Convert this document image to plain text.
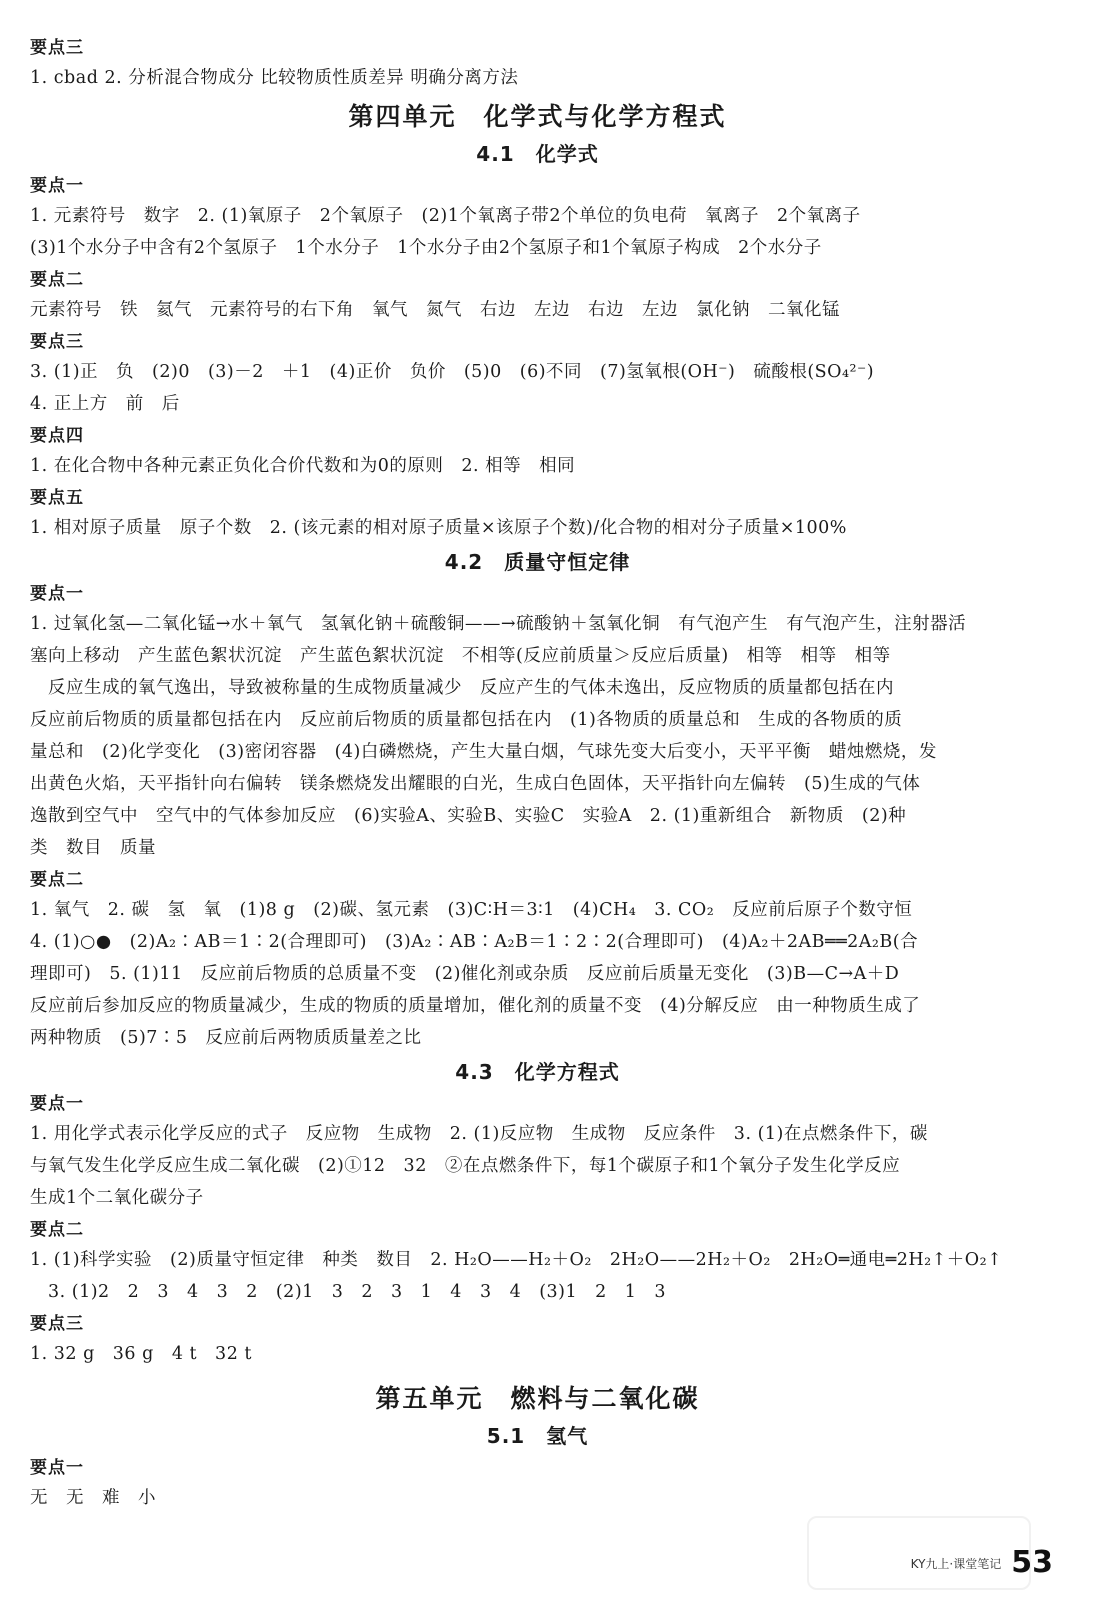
要点三
1. cbad 2. 分析混合物成分 比较物质性质差异 明确分离方法
第四单元　化学式与化学方程式
4.1　化学式
要点一
1. 元素符号　数字　2. (1)氧原子　2个氧原子　(2)1个氧离子带2个单位的负电荷　氧离子　2个氧离子
(3)1个水分子中含有2个氢原子　1个水分子　1个水分子由2个氢原子和1个氧原子构成　2个水分子
要点二
元素符号　铁　氦气　元素符号的右下角　氧气　氮气　右边　左边　右边　左边　氯化钠　二氧化锰
要点三
3. (1)正　负　(2)0　(3)－2　＋1　(4)正价　负价　(5)0　(6)不同　(7)氢氧根(OH⁻)　硫酸根(SO₄²⁻)
4. 正上方　前　后
要点四
1. 在化合物中各种元素正负化合价代数和为0的原则　2. 相等　相同
要点五
1. 相对原子质量　原子个数　2. (该元素的相对原子质量×该原子个数)/化合物的相对分子质量×100%
4.2　质量守恒定律
要点一
1. 过氧化氢—二氧化锰→水＋氧气　氢氧化钠＋硫酸铜——→硫酸钠＋氢氧化铜　有气泡产生　有气泡产生，注射器活
塞向上移动　产生蓝色絮状沉淀　产生蓝色絮状沉淀　不相等(反应前质量＞反应后质量)　相等　相等　相等
反应生成的氧气逸出，导致被称量的生成物质量减少　反应产生的气体未逸出，反应物质的质量都包括在内
反应前后物质的质量都包括在内　反应前后物质的质量都包括在内　(1)各物质的质量总和　生成的各物质的质
量总和　(2)化学变化　(3)密闭容器　(4)白磷燃烧，产生大量白烟，气球先变大后变小，天平平衡　蜡烛燃烧，发
出黄色火焰，天平指针向右偏转　镁条燃烧发出耀眼的白光，生成白色固体，天平指针向左偏转　(5)生成的气体
逸散到空气中　空气中的气体参加反应　(6)实验A、实验B、实验C　实验A　2. (1)重新组合　新物质　(2)种
类　数目　质量
要点二
1. 氧气　2. 碳　氢　氧　(1)8 g　(2)碳、氢元素　(3)C∶H＝3∶1　(4)CH₄　3. CO₂　反应前后原子个数守恒
4. (1)○●　(2)A₂∶AB＝1∶2(合理即可)　(3)A₂∶AB∶A₂B＝1∶2∶2(合理即可)　(4)A₂＋2AB══2A₂B(合
理即可)　5. (1)11　反应前后物质的总质量不变　(2)催化剂或杂质　反应前后质量无变化　(3)B—C→A＋D
反应前后参加反应的物质量减少，生成的物质的质量增加，催化剂的质量不变　(4)分解反应　由一种物质生成了
两种物质　(5)7∶5　反应前后两物质质量差之比
4.3　化学方程式
要点一
1. 用化学式表示化学反应的式子　反应物　生成物　2. (1)反应物　生成物　反应条件　3. (1)在点燃条件下，碳
与氧气发生化学反应生成二氧化碳　(2)①12　32　②在点燃条件下，每1个碳原子和1个氧分子发生化学反应
生成1个二氧化碳分子
要点二
1. (1)科学实验　(2)质量守恒定律　种类　数目　2. H₂O——H₂＋O₂　2H₂O——2H₂＋O₂　2H₂O═通电═2H₂↑＋O₂↑
3. (1)2　2　3　4　3　2　(2)1　3　2　3　1　4　3　4　(3)1　2　1　3
要点三
1. 32 g　36 g　4 t　32 t
第五单元　燃料与二氧化碳
5.1　氢气
要点一
无　无　难　小
KY九上·课堂笔记 53
